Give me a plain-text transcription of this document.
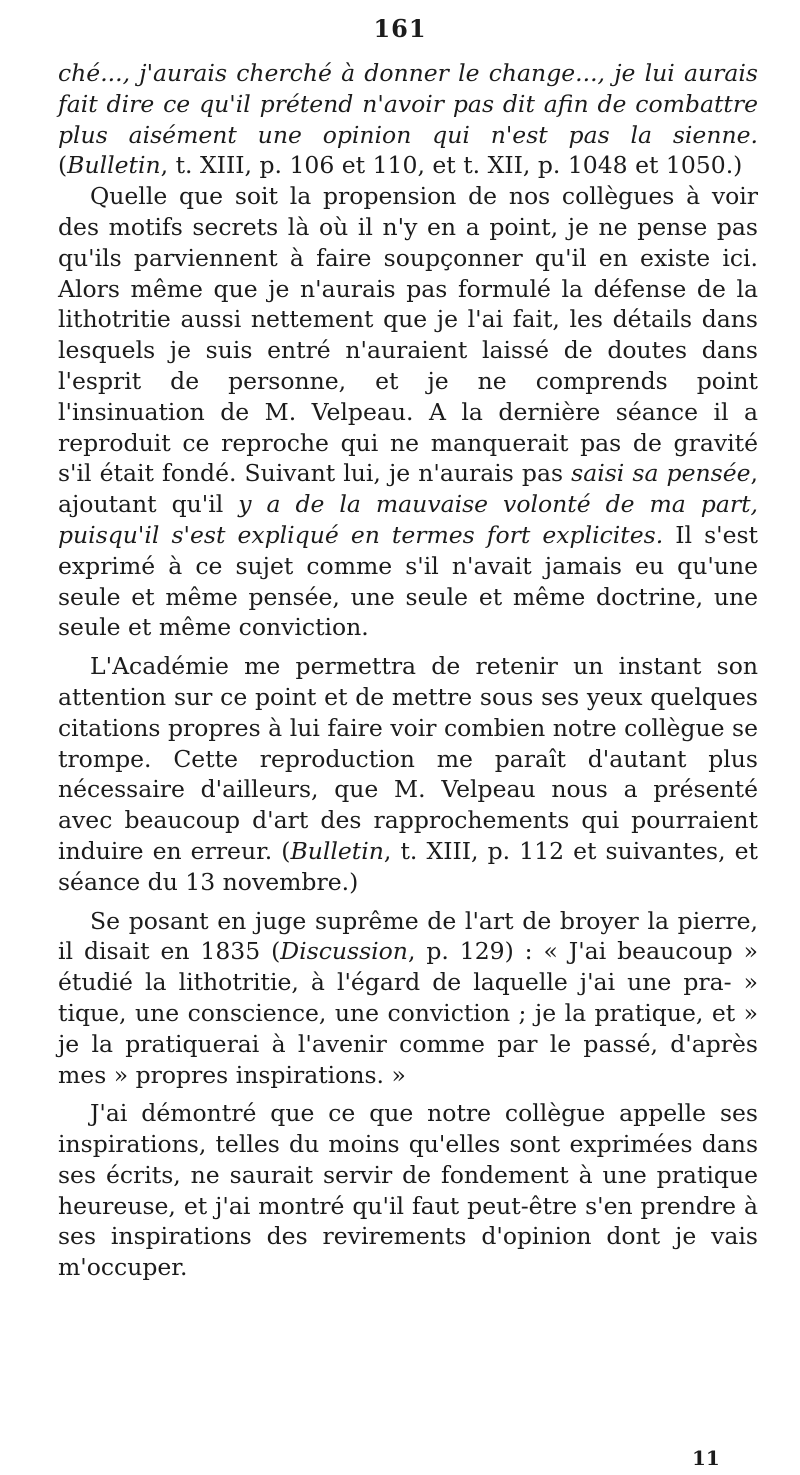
161

ché..., j'aurais cherché à donner le change..., je lui aurais fait dire ce qu'il prétend n'avoir pas dit afin de combattre plus aisément une opinion qui n'est pas la sienne. (Bulletin, t. XIII, p. 106 et 110, et t. XII, p. 1048 et 1050.)

Quelle que soit la propension de nos collègues à voir des motifs secrets là où il n'y en a point, je ne pense pas qu'ils parviennent à faire soupçonner qu'il en existe ici. Alors même que je n'aurais pas formulé la défense de la lithotritie aussi nettement que je l'ai fait, les détails dans lesquels je suis entré n'auraient laissé de doutes dans l'esprit de personne, et je ne comprends point l'insinuation de M. Velpeau. A la dernière séance il a reproduit ce reproche qui ne manquerait pas de gravité s'il était fondé. Suivant lui, je n'aurais pas saisi sa pensée, ajoutant qu'il y a de la mauvaise volonté de ma part, puisqu'il s'est expliqué en termes fort explicites. Il s'est exprimé à ce sujet comme s'il n'avait jamais eu qu'une seule et même pensée, une seule et même doctrine, une seule et même conviction.

L'Académie me permettra de retenir un instant son attention sur ce point et de mettre sous ses yeux quelques citations propres à lui faire voir combien notre collègue se trompe. Cette reproduction me paraît d'autant plus nécessaire d'ailleurs, que M. Velpeau nous a présenté avec beaucoup d'art des rapprochements qui pourraient induire en erreur. (Bulletin, t. XIII, p. 112 et suivantes, et séance du 13 novembre.)

Se posant en juge suprême de l'art de broyer la pierre, il disait en 1835 (Discussion, p. 129) : « J'ai beaucoup » étudié la lithotritie, à l'égard de laquelle j'ai une pra- » tique, une conscience, une conviction ; je la pratique, et » je la pratiquerai à l'avenir comme par le passé, d'après mes » propres inspirations. »

J'ai démontré que ce que notre collègue appelle ses inspirations, telles du moins qu'elles sont exprimées dans ses écrits, ne saurait servir de fondement à une pratique heureuse, et j'ai montré qu'il faut peut-être s'en prendre à ses inspirations des revirements d'opinion dont je vais m'occuper.

11
